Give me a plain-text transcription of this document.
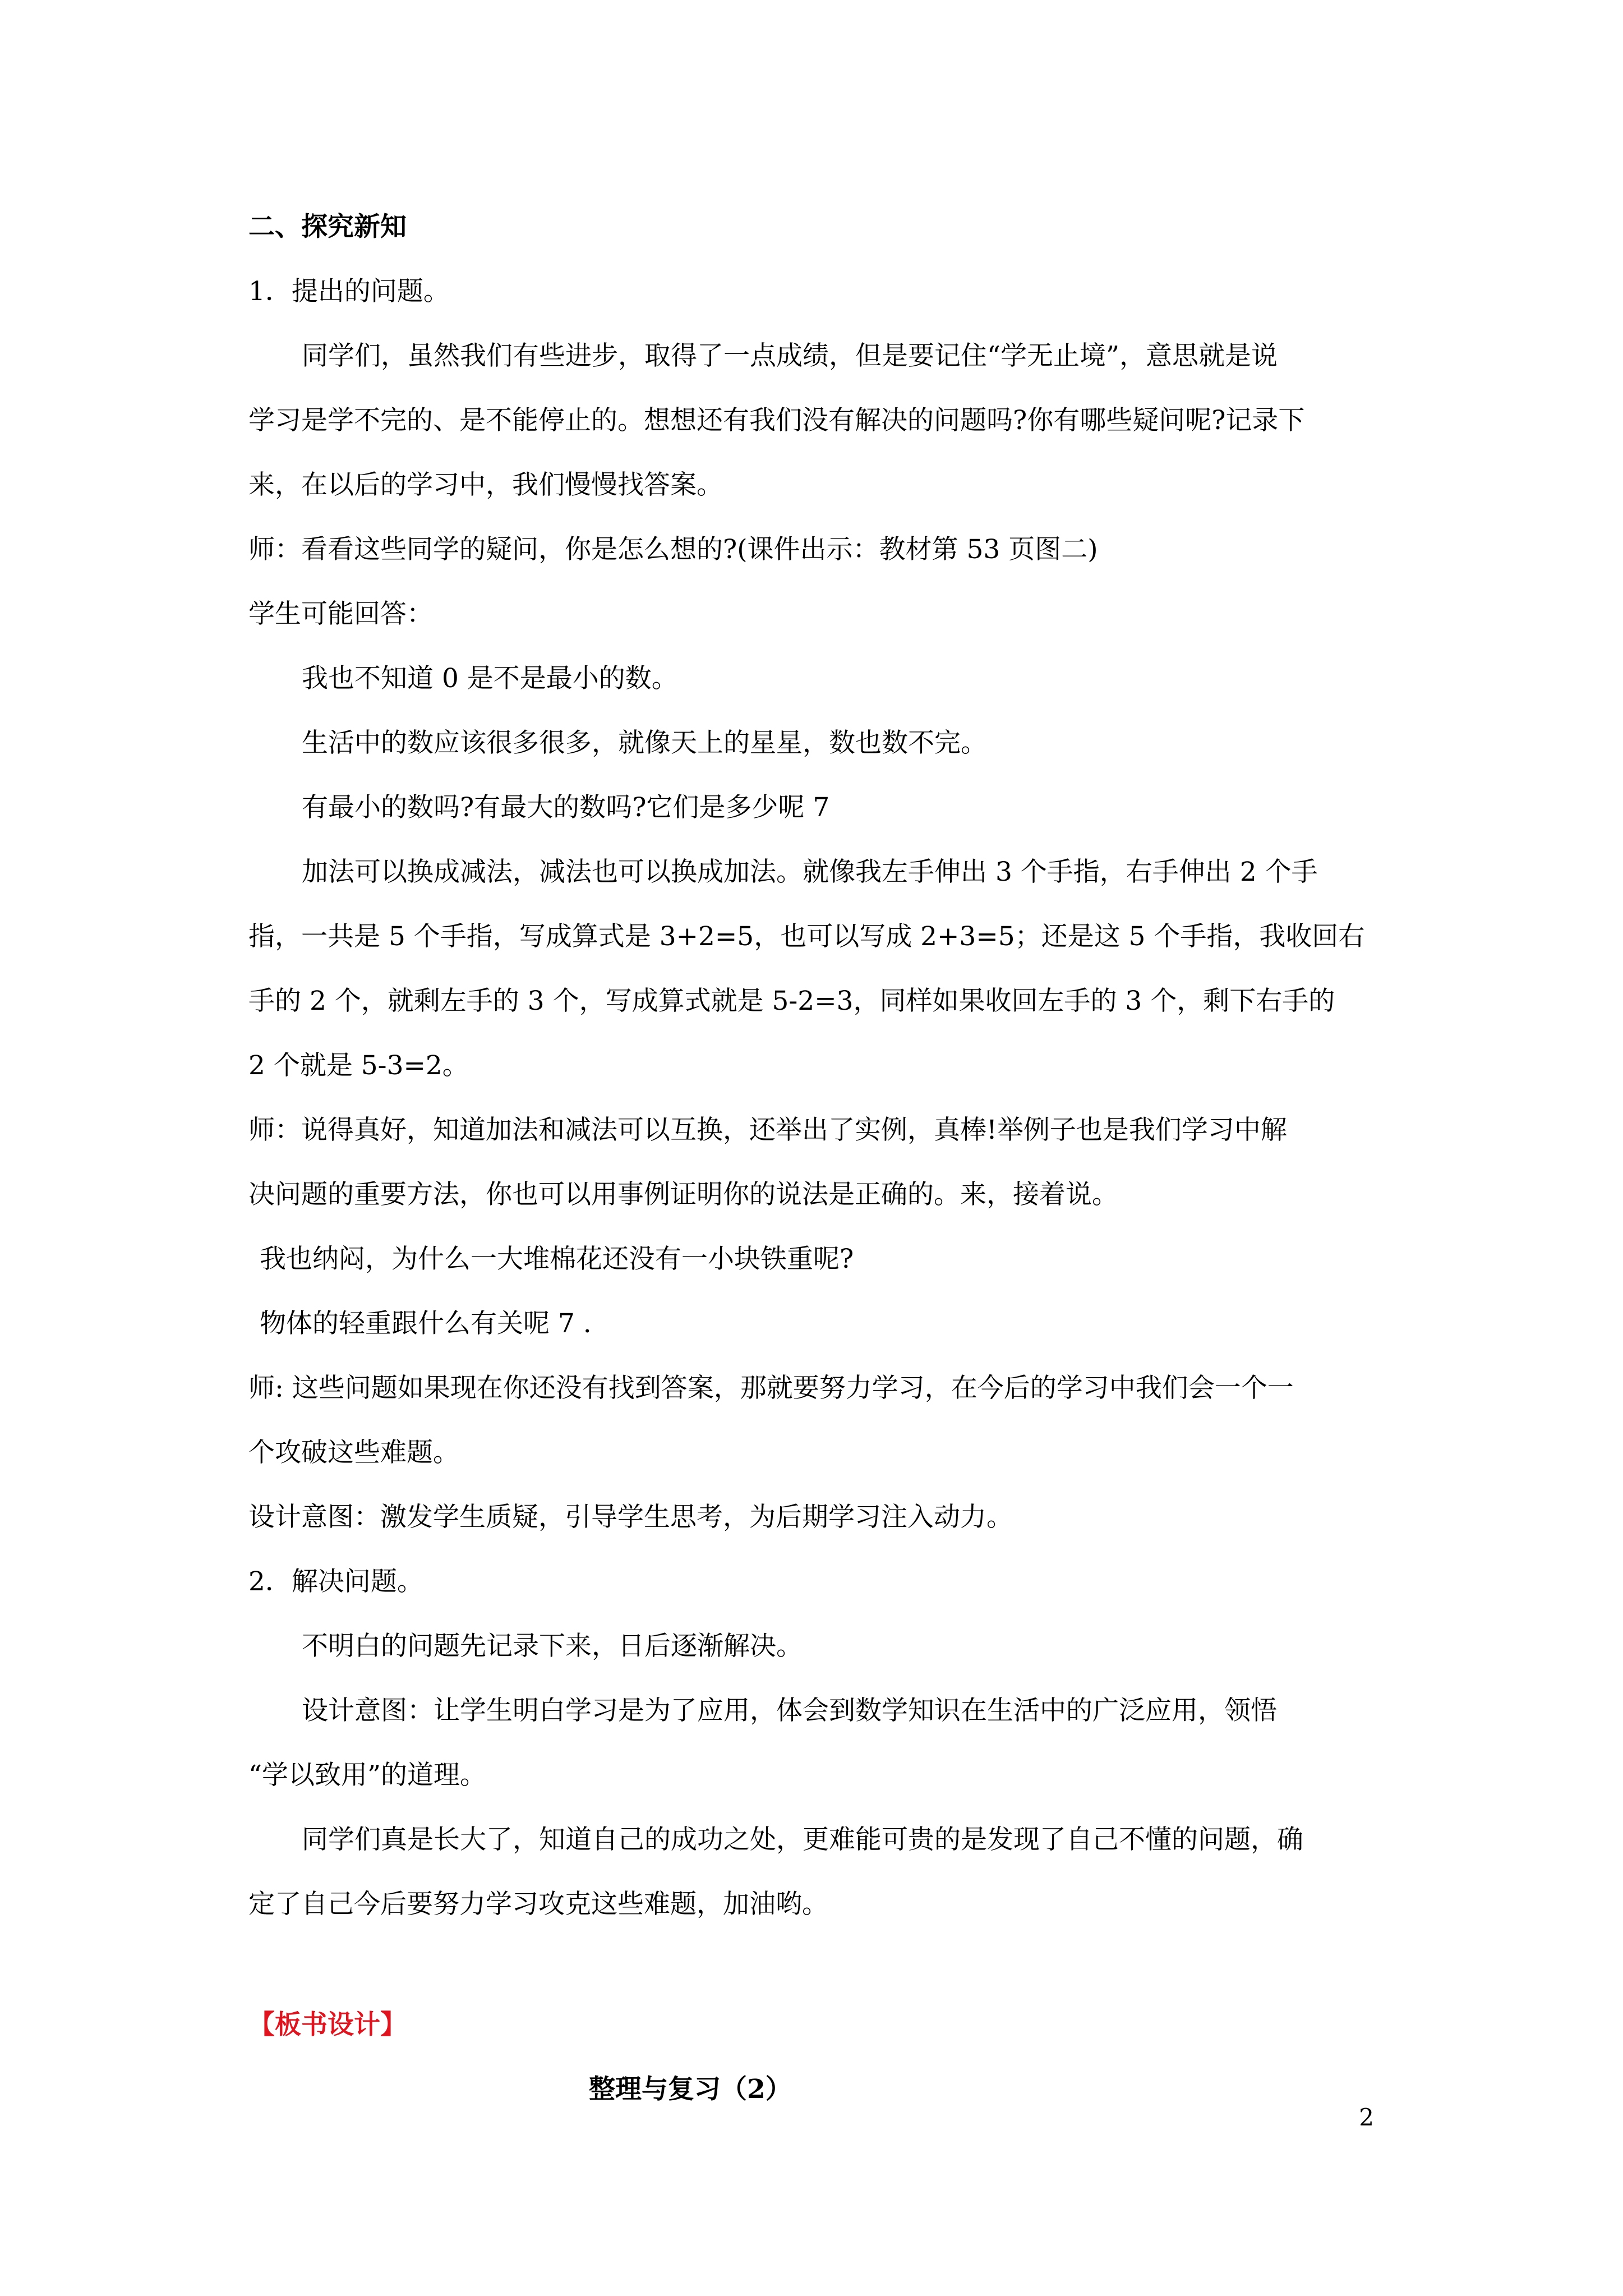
二、探究新知

1．提出的问题。

同学们，虽然我们有些进步，取得了一点成绩，但是要记住“学无止境”，意思就是说

学习是学不完的、是不能停止的。想想还有我们没有解决的问题吗?你有哪些疑问呢?记录下

来，在以后的学习中，我们慢慢找答案。

师：看看这些同学的疑问，你是怎么想的?(课件出示：教材第 53 页图二)

学生可能回答：

我也不知道 0 是不是最小的数。

生活中的数应该很多很多，就像天上的星星，数也数不完。

有最小的数吗?有最大的数吗?它们是多少呢 7

加法可以换成减法，减法也可以换成加法。就像我左手伸出 3 个手指，右手伸出 2 个手

指，一共是 5 个手指，写成算式是 3+2=5，也可以写成 2+3=5；还是这 5 个手指，我收回右

手的 2 个，就剩左手的 3 个，写成算式就是 5-2=3，同样如果收回左手的 3 个，剩下右手的

2 个就是 5-3=2。

师：说得真好，知道加法和减法可以互换，还举出了实例，真棒!举例子也是我们学习中解

决问题的重要方法，你也可以用事例证明你的说法是正确的。来，接着说。

我也纳闷，为什么一大堆棉花还没有一小块铁重呢?

物体的轻重跟什么有关呢 7 .

师: 这些问题如果现在你还没有找到答案，那就要努力学习，在今后的学习中我们会一个一

个攻破这些难题。

设计意图：激发学生质疑，引导学生思考，为后期学习注入动力。

2．解决问题。

不明白的问题先记录下来，日后逐渐解决。

设计意图：让学生明白学习是为了应用，体会到数学知识在生活中的广泛应用，领悟

“学以致用”的道理。

同学们真是长大了，知道自己的成功之处，更难能可贵的是发现了自己不懂的问题，确

定了自己今后要努力学习攻克这些难题，加油哟。

【板书设计】

整理与复习（2）

2
